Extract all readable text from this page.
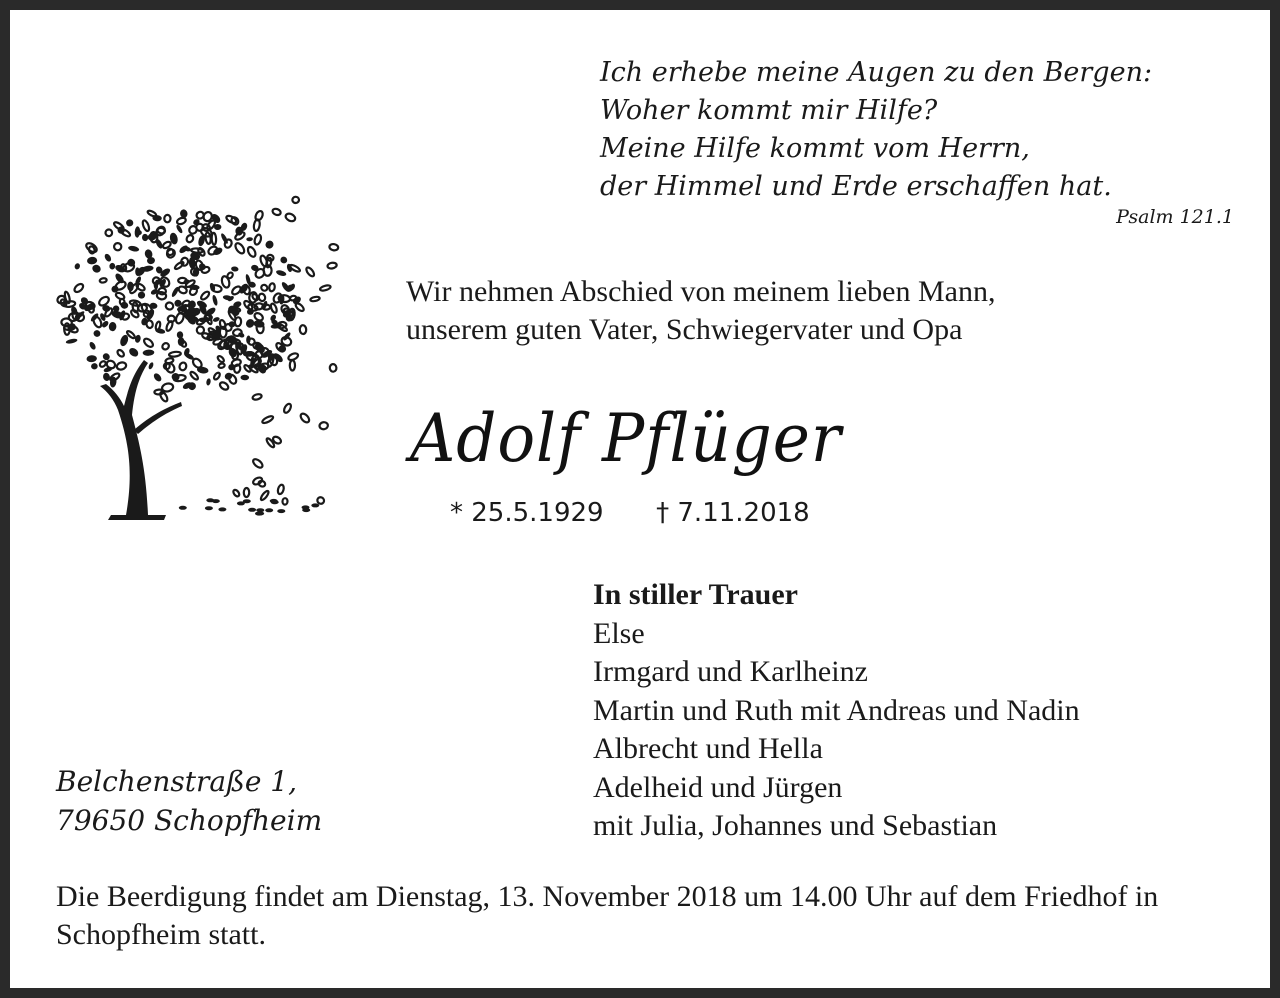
Ich erhebe meine Augen zu den Bergen:
Woher kommt mir Hilfe?
Meine Hilfe kommt vom Herrn,
der Himmel und Erde erschaffen hat.
Psalm 121.1
Wir nehmen Abschied von meinem lieben Mann,
unserem guten Vater, Schwiegervater und Opa
Adolf Pflüger
* 25.5.1929 † 7.11.2018
In stiller Trauer
Else
Irmgard und Karlheinz
Martin und Ruth mit Andreas und Nadin
Albrecht und Hella
Adelheid und Jürgen
mit Julia, Johannes und Sebastian
Belchenstraße 1,
79650 Schopfheim
Die Beerdigung findet am Dienstag, 13. November 2018 um 14.00 Uhr auf dem Friedhof in Schopfheim statt.
